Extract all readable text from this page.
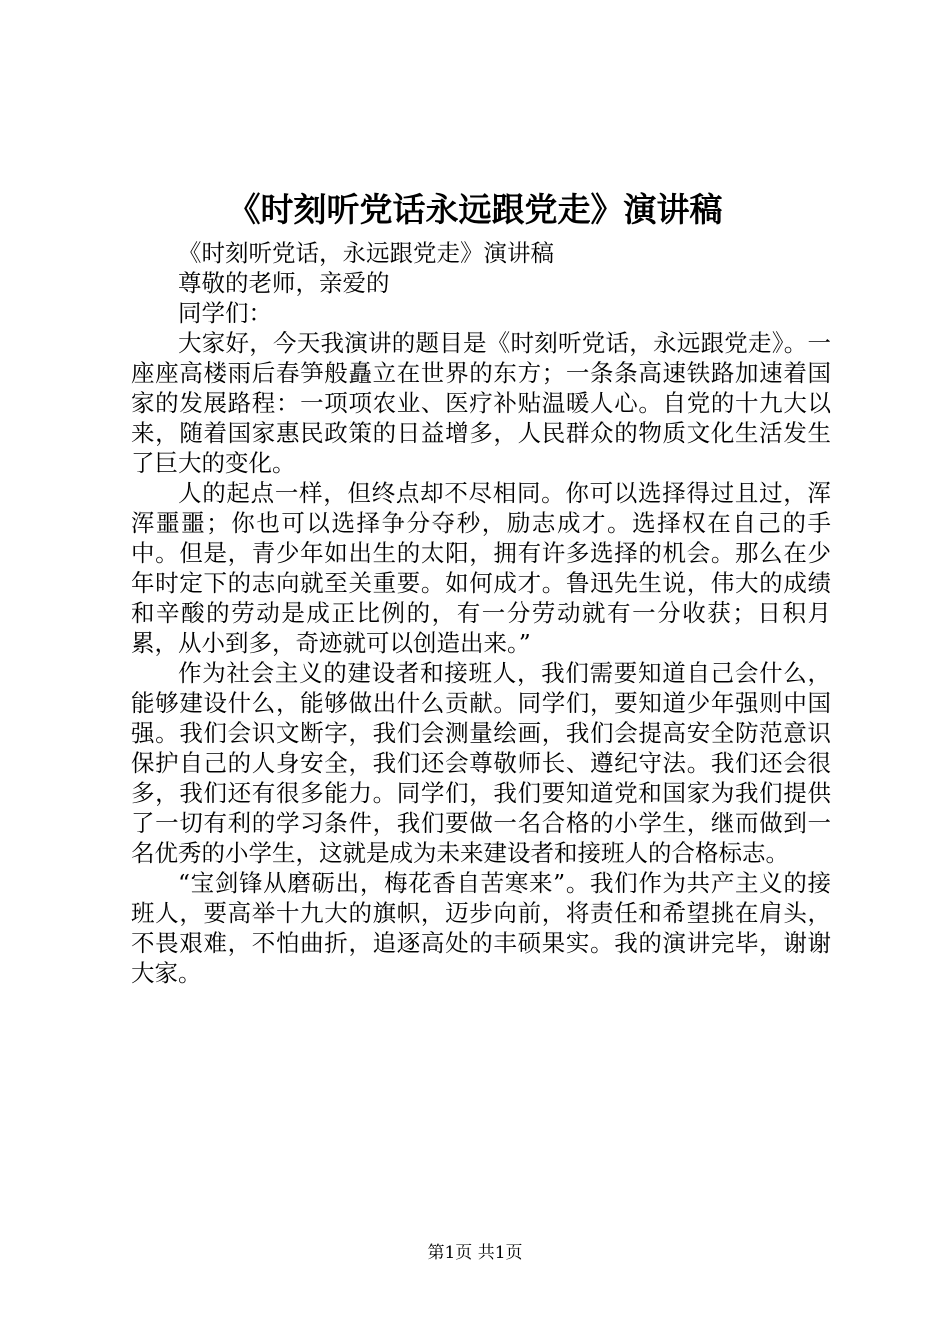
《时刻听党话永远跟党走》演讲稿

《时刻听党话，永远跟党走》演讲稿

尊敬的老师，亲爱的

同学们：

大家好，今天我演讲的题目是《时刻听党话，永远跟党走》。一座座高楼雨后春笋般矗立在世界的东方；一条条高速铁路加速着国家的发展路程：一项项农业、医疗补贴温暖人心。自党的十九大以来，随着国家惠民政策的日益增多，人民群众的物质文化生活发生了巨大的变化。

人的起点一样，但终点却不尽相同。你可以选择得过且过，浑浑噩噩；你也可以选择争分夺秒，励志成才。选择权在自己的手中。但是，青少年如出生的太阳，拥有许多选择的机会。那么在少年时定下的志向就至关重要。如何成才。鲁迅先生说，伟大的成绩和辛酸的劳动是成正比例的，有一分劳动就有一分收获；日积月累，从小到多，奇迹就可以创造出来。”

作为社会主义的建设者和接班人，我们需要知道自己会什么，能够建设什么，能够做出什么贡献。同学们，要知道少年强则中国强。我们会识文断字，我们会测量绘画，我们会提高安全防范意识保护自己的人身安全，我们还会尊敬师长、遵纪守法。我们还会很多，我们还有很多能力。同学们，我们要知道党和国家为我们提供了一切有利的学习条件，我们要做一名合格的小学生，继而做到一名优秀的小学生，这就是成为未来建设者和接班人的合格标志。

“宝剑锋从磨砺出，梅花香自苦寒来”。我们作为共产主义的接班人，要高举十九大的旗帜，迈步向前，将责任和希望挑在肩头，不畏艰难，不怕曲折，追逐高处的丰硕果实。我的演讲完毕，谢谢大家。

第1页 共1页
